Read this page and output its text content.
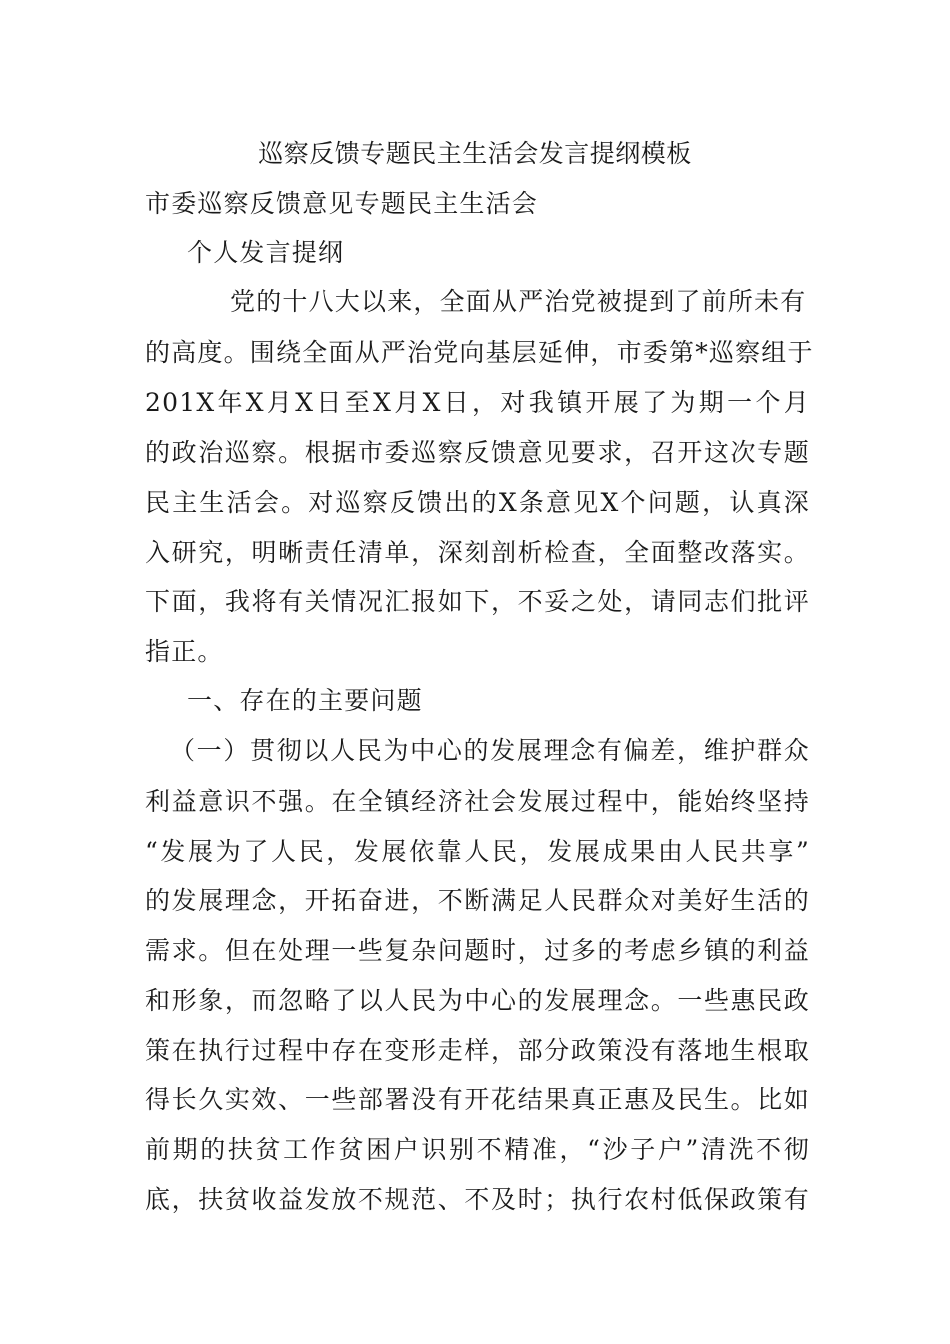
巡察反馈专题民主生活会发言提纲模板
市委巡察反馈意见专题民主生活会
个人发言提纲
党的十八大以来，全面从严治党被提到了前所未有
的高度。围绕全面从严治党向基层延伸，市委第*巡察组于
201X年X月X日至X月X日，对我镇开展了为期一个月
的政治巡察。根据市委巡察反馈意见要求，召开这次专题
民主生活会。对巡察反馈出的X条意见X个问题，认真深
入研究，明晰责任清单，深刻剖析检查，全面整改落实。
下面，我将有关情况汇报如下，不妥之处，请同志们批评
指正。
一、存在的主要问题
（一）贯彻以人民为中心的发展理念有偏差，维护群众
利益意识不强。在全镇经济社会发展过程中，能始终坚持
“发展为了人民，发展依靠人民，发展成果由人民共享”
的发展理念，开拓奋进，不断满足人民群众对美好生活的
需求。但在处理一些复杂问题时，过多的考虑乡镇的利益
和形象，而忽略了以人民为中心的发展理念。一些惠民政
策在执行过程中存在变形走样，部分政策没有落地生根取
得长久实效、一些部署没有开花结果真正惠及民生。比如
前期的扶贫工作贫困户识别不精准，“沙子户”清洗不彻
底，扶贫收益发放不规范、不及时；执行农村低保政策有
